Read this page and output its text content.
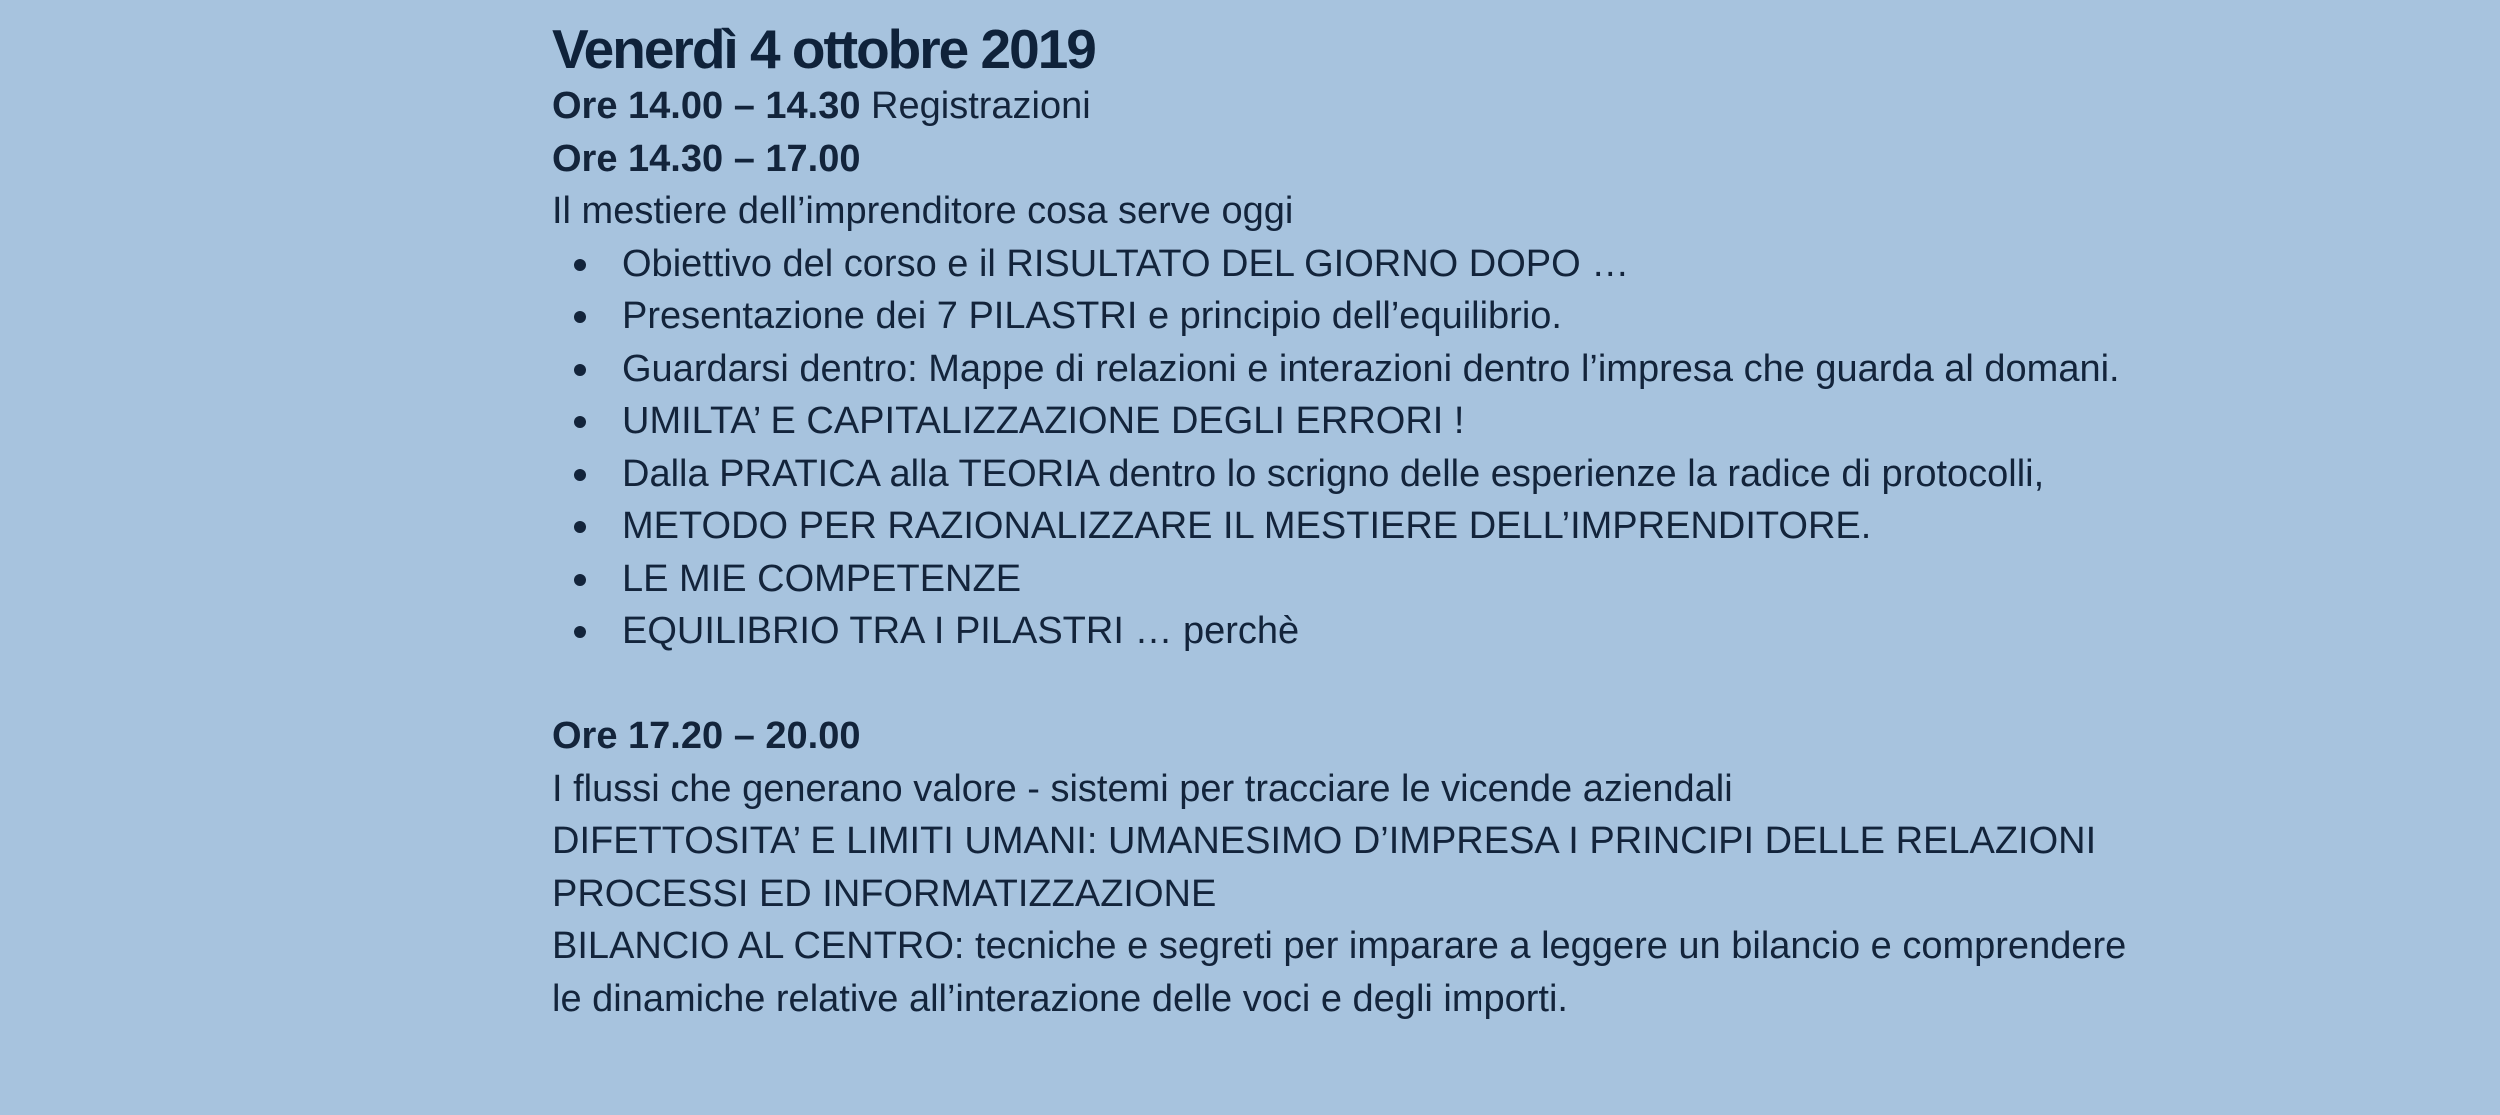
Venerdì 4 ottobre 2019
Ore 14.00 – 14.30 Registrazioni
Ore 14.30 – 17.00
Il mestiere dell’imprenditore cosa serve oggi
Obiettivo del corso e il RISULTATO DEL GIORNO DOPO …
Presentazione dei 7 PILASTRI e principio dell’equilibrio.
Guardarsi dentro: Mappe di relazioni e interazioni dentro l’impresa che guarda al domani.
UMILTA’ E CAPITALIZZAZIONE DEGLI ERRORI !
Dalla PRATICA alla TEORIA dentro lo scrigno delle esperienze la radice di protocolli,
METODO PER RAZIONALIZZARE IL MESTIERE DELL’IMPRENDITORE.
LE MIE COMPETENZE
EQUILIBRIO TRA I PILASTRI … perchè
Ore 17.20 – 20.00
I flussi che generano valore - sistemi per tracciare le vicende aziendali
DIFETTOSITA’ E LIMITI UMANI: UMANESIMO D’IMPRESA I PRINCIPI DELLE RELAZIONI
PROCESSI ED INFORMATIZZAZIONE
BILANCIO AL CENTRO: tecniche e segreti per imparare a leggere un bilancio e comprendere
le dinamiche relative all’interazione delle voci e degli importi.
